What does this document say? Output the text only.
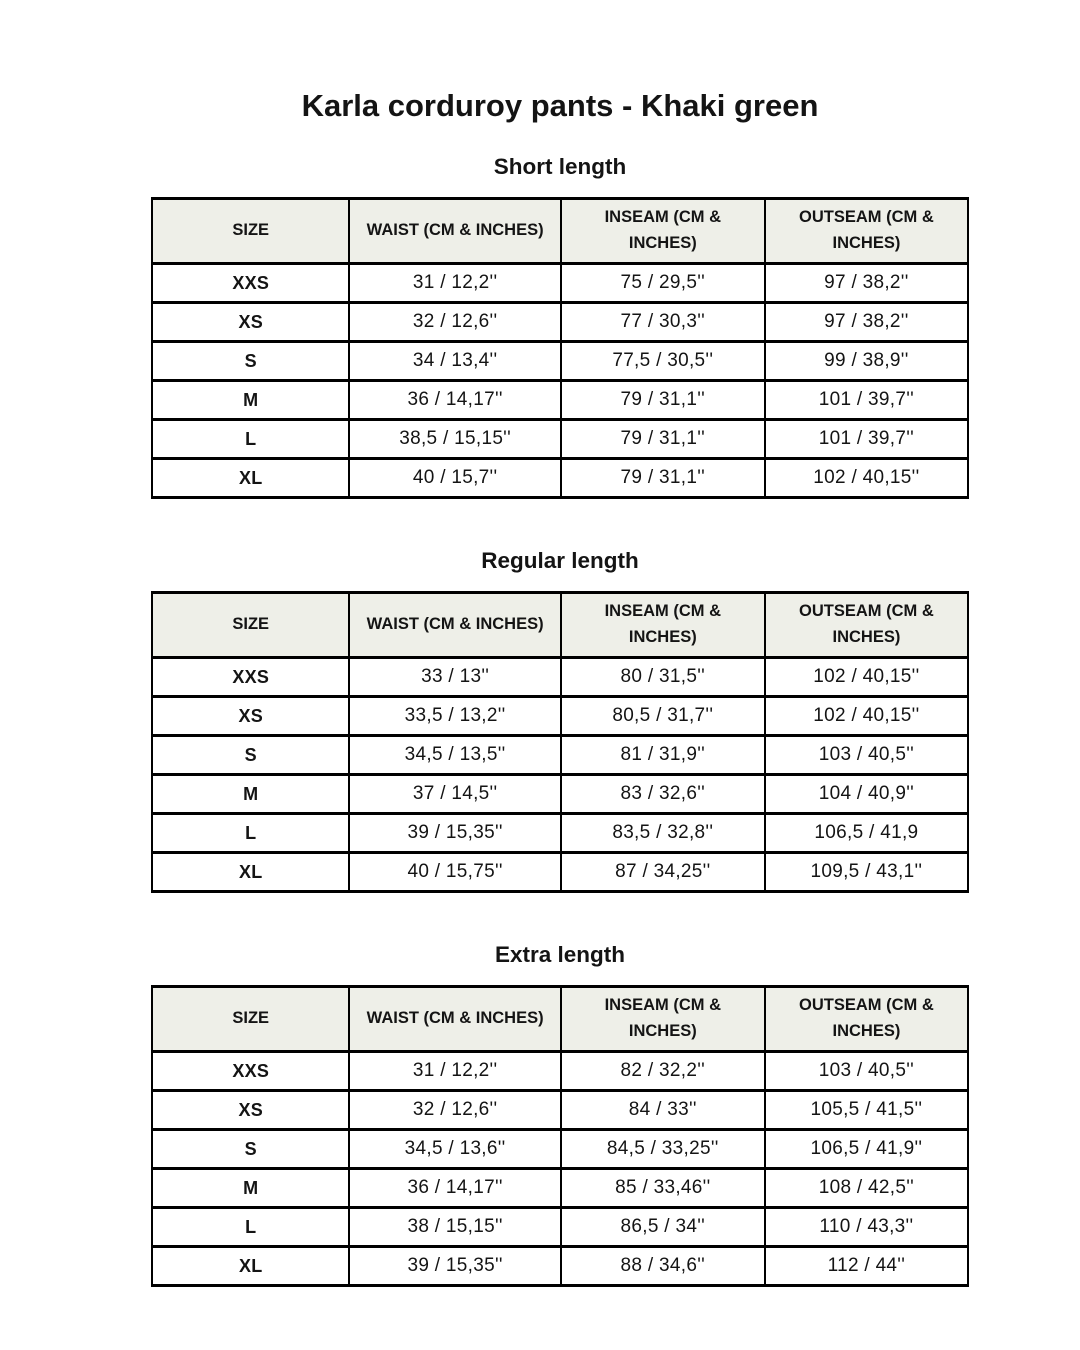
Karla corduroy pants - Khaki green
Short length
SIZE	WAIST (CM & INCHES)	INSEAM (CM & INCHES)	OUTSEAM (CM & INCHES)
XXS	31 / 12,2''	75 / 29,5''	97 / 38,2''
XS	32 / 12,6''	77 / 30,3''	97 / 38,2''
S	34 / 13,4''	77,5 / 30,5''	99 / 38,9''
M	36 / 14,17''	79 / 31,1''	101 / 39,7''
L	38,5 / 15,15''	79 / 31,1''	101 / 39,7''
XL	40 / 15,7''	79 / 31,1''	102 / 40,15''
Regular length
SIZE	WAIST (CM & INCHES)	INSEAM (CM & INCHES)	OUTSEAM (CM & INCHES)
XXS	33 / 13''	80 / 31,5''	102 / 40,15''
XS	33,5 / 13,2''	80,5 / 31,7''	102 / 40,15''
S	34,5 / 13,5''	81 / 31,9''	103 / 40,5''
M	37 / 14,5''	83 / 32,6''	104 / 40,9''
L	39 / 15,35''	83,5 / 32,8''	106,5 / 41,9
XL	40 / 15,75''	87 / 34,25''	109,5 / 43,1''
Extra length
SIZE	WAIST (CM & INCHES)	INSEAM (CM & INCHES)	OUTSEAM (CM & INCHES)
XXS	31 / 12,2''	82 / 32,2''	103 / 40,5''
XS	32 / 12,6''	84 / 33''	105,5 / 41,5''
S	34,5 / 13,6''	84,5 / 33,25''	106,5 / 41,9''
M	36 / 14,17''	85 / 33,46''	108 / 42,5''
L	38 / 15,15''	86,5 / 34''	110 / 43,3''
XL	39 / 15,35''	88 / 34,6''	112 / 44''
